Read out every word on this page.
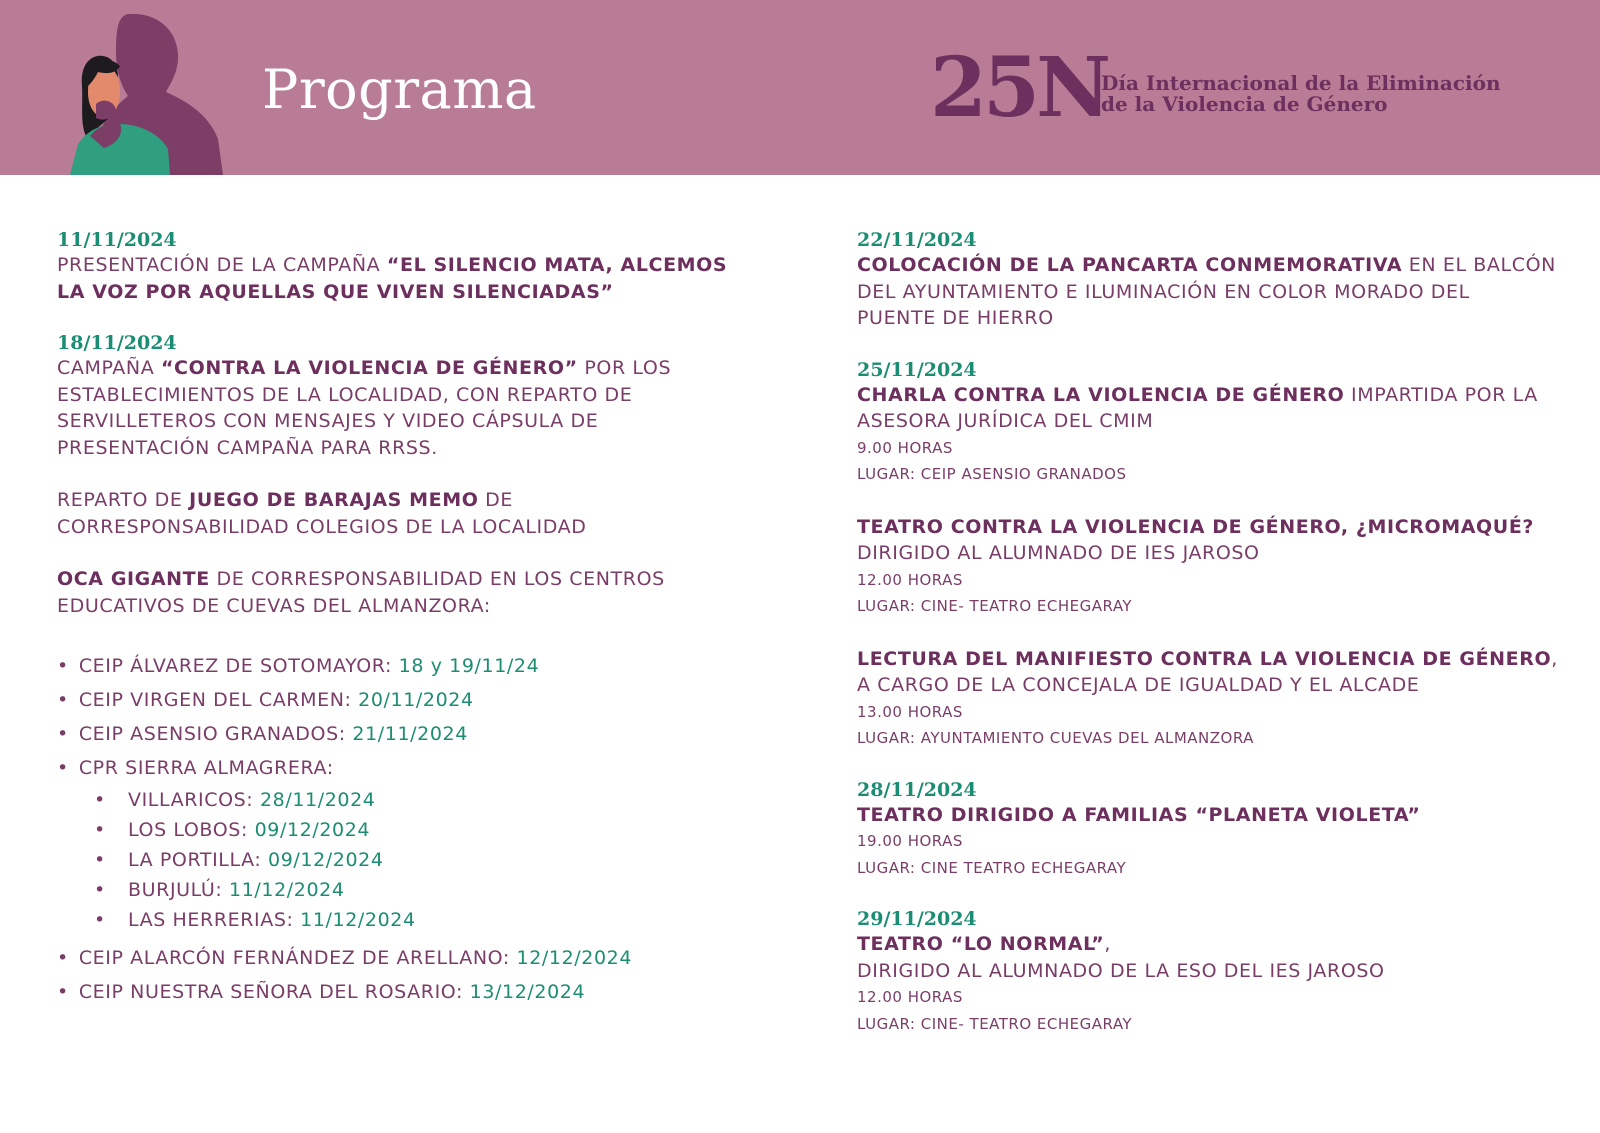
Programa	25N
Día Internacional de la Eliminación
de la Violencia de Género
11/11/2024
PRESENTACIÓN DE LA CAMPAÑA “EL SILENCIO MATA, ALCEMOS
LA VOZ POR AQUELLAS QUE VIVEN SILENCIADAS”
18/11/2024
CAMPAÑA “CONTRA LA VIOLENCIA DE GÉNERO” POR LOS
ESTABLECIMIENTOS DE LA LOCALIDAD, CON REPARTO DE
SERVILLETEROS CON MENSAJES Y VIDEO CÁPSULA DE
PRESENTACIÓN CAMPAÑA PARA RRSS.
REPARTO DE JUEGO DE BARAJAS MEMO DE
CORRESPONSABILIDAD COLEGIOS DE LA LOCALIDAD
OCA GIGANTE DE CORRESPONSABILIDAD EN LOS CENTROS
EDUCATIVOS DE CUEVAS DEL ALMANZORA:
• CEIP ÁLVAREZ DE SOTOMAYOR: 18 y 19/11/24
• CEIP VIRGEN DEL CARMEN: 20/11/2024
• CEIP ASENSIO GRANADOS: 21/11/2024
• CPR SIERRA ALMAGRERA:
• VILLARICOS: 28/11/2024
• LOS LOBOS: 09/12/2024
• LA PORTILLA: 09/12/2024
• BURJULÚ: 11/12/2024
• LAS HERRERIAS: 11/12/2024
• CEIP ALARCÓN FERNÁNDEZ DE ARELLANO: 12/12/2024
• CEIP NUESTRA SEÑORA DEL ROSARIO: 13/12/2024
22/11/2024
COLOCACIÓN DE LA PANCARTA CONMEMORATIVA EN EL BALCÓN
DEL AYUNTAMIENTO E ILUMINACIÓN EN COLOR MORADO DEL
PUENTE DE HIERRO
25/11/2024
CHARLA CONTRA LA VIOLENCIA DE GÉNERO IMPARTIDA POR LA
ASESORA JURÍDICA DEL CMIM
9.00 HORAS
LUGAR: CEIP ASENSIO GRANADOS
TEATRO CONTRA LA VIOLENCIA DE GÉNERO, ¿MICROMAQUÉ?
DIRIGIDO AL ALUMNADO DE IES JAROSO
12.00 HORAS
LUGAR: CINE- TEATRO ECHEGARAY
LECTURA DEL MANIFIESTO CONTRA LA VIOLENCIA DE GÉNERO,
A CARGO DE LA CONCEJALA DE IGUALDAD Y EL ALCADE
13.00 HORAS
LUGAR: AYUNTAMIENTO CUEVAS DEL ALMANZORA
28/11/2024
TEATRO DIRIGIDO A FAMILIAS “PLANETA VIOLETA”
19.00 HORAS
LUGAR: CINE TEATRO ECHEGARAY
29/11/2024
TEATRO “LO NORMAL”,
DIRIGIDO AL ALUMNADO DE LA ESO DEL IES JAROSO
12.00 HORAS
LUGAR: CINE- TEATRO ECHEGARAY
